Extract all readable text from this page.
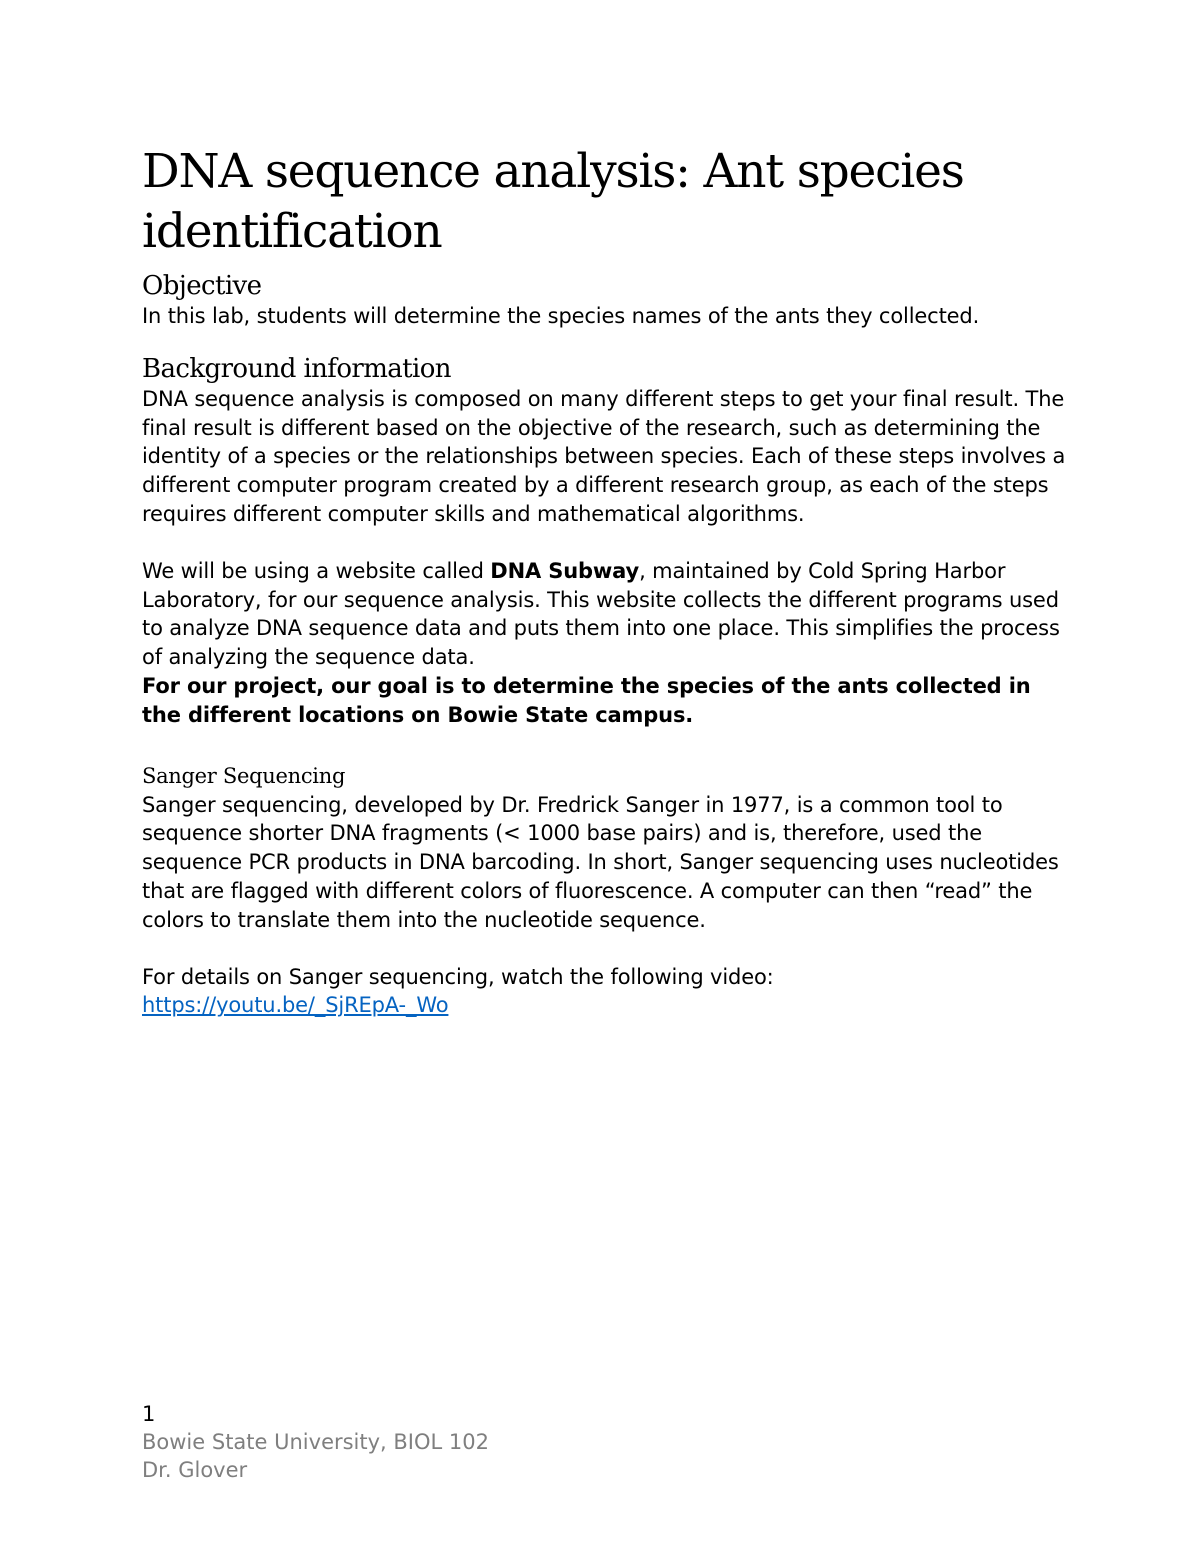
DNA sequence analysis: Ant species identification
Objective

In this lab, students will determine the species names of the ants they collected.

Background information

DNA sequence analysis is composed on many different steps to get your final result. The final result is different based on the objective of the research, such as determining the identity of a species or the relationships between species. Each of these steps involves a different computer program created by a different research group, as each of the steps requires different computer skills and mathematical algorithms.

We will be using a website called DNA Subway, maintained by Cold Spring Harbor Laboratory, for our sequence analysis. This website collects the different programs used to analyze DNA sequence data and puts them into one place. This simplifies the process of analyzing the sequence data.

For our project, our goal is to determine the species of the ants collected in the different locations on Bowie State campus.

Sanger Sequencing

Sanger sequencing, developed by Dr. Fredrick Sanger in 1977, is a common tool to sequence shorter DNA fragments (< 1000 base pairs) and is, therefore, used the sequence PCR products in DNA barcoding. In short, Sanger sequencing uses nucleotides that are flagged with different colors of fluorescence. A computer can then “read” the colors to translate them into the nucleotide sequence.

For details on Sanger sequencing, watch the following video:

https://youtu.be/_SjREpA-_Wo

1
Bowie State University, BIOL 102
Dr. Glover
